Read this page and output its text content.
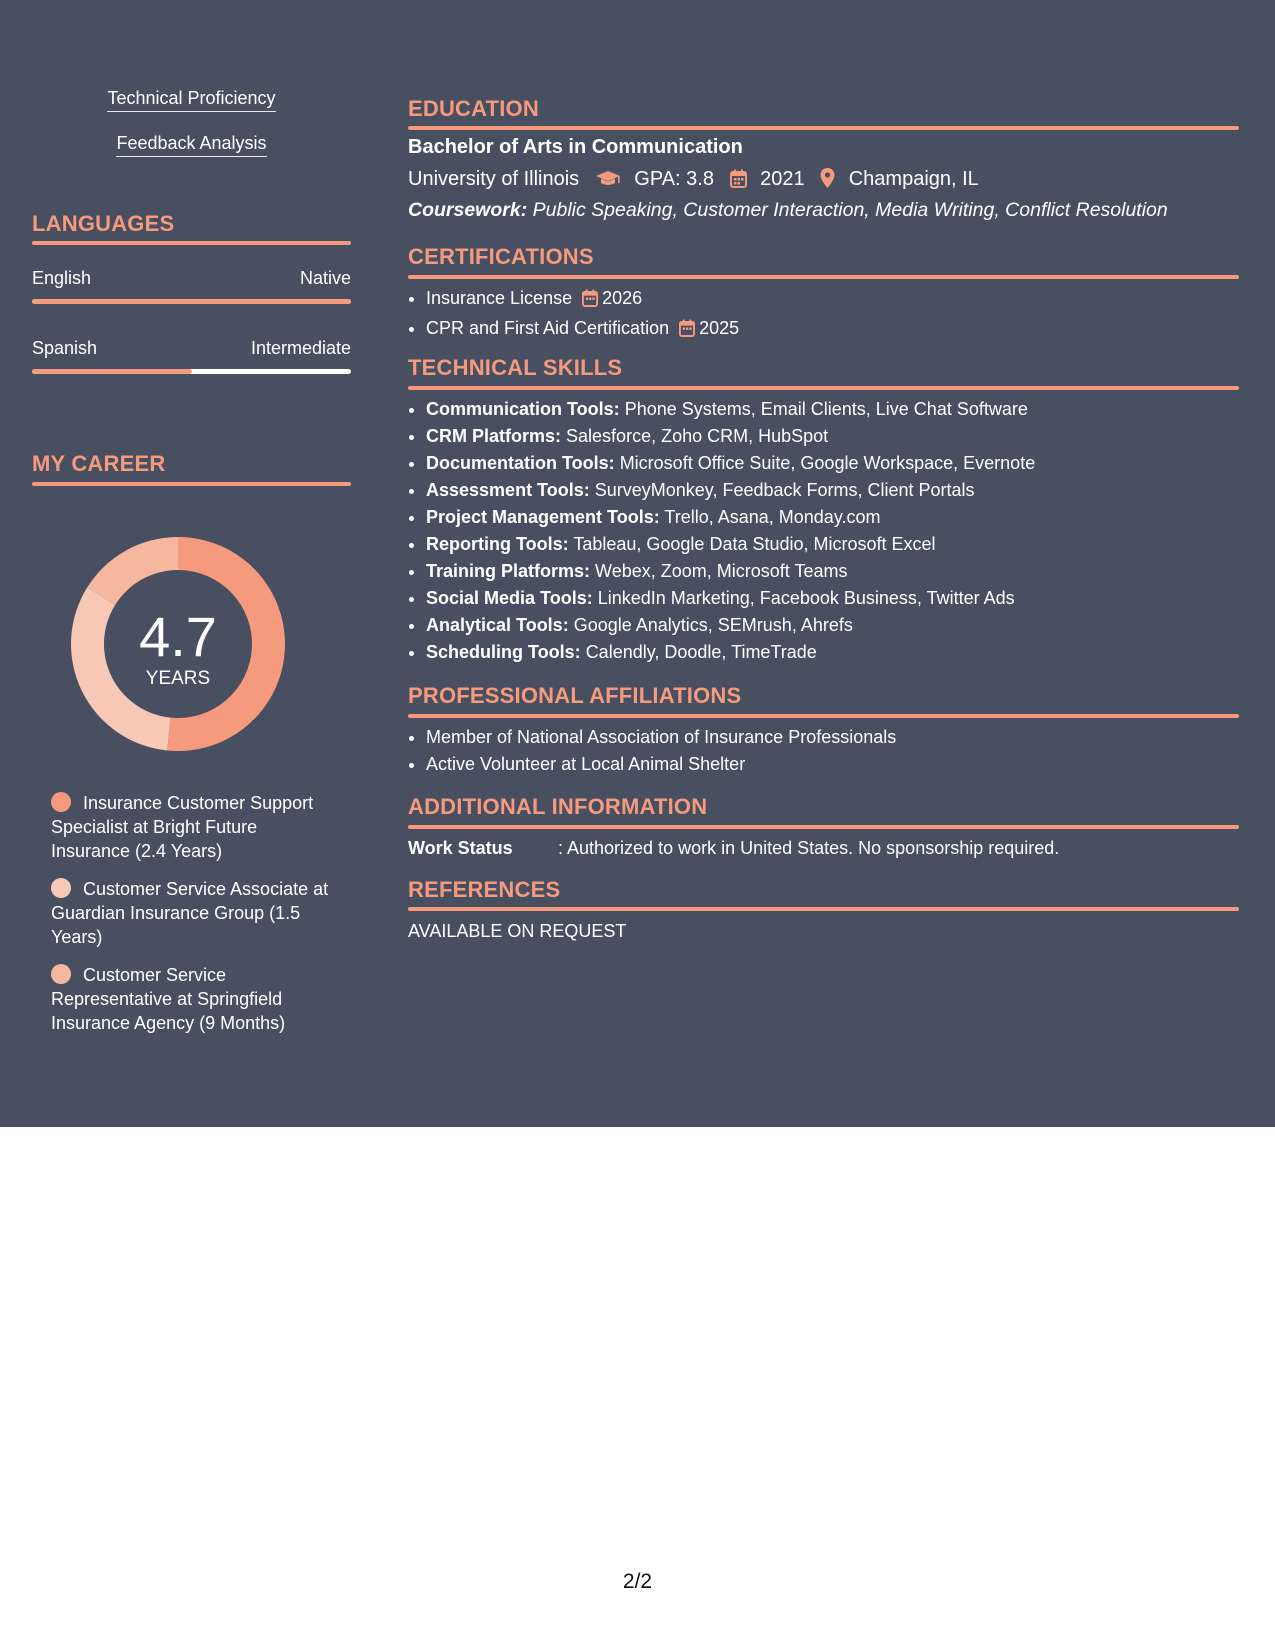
Technical Proficiency
Feedback Analysis
LANGUAGES
English	Native
Spanish	Intermediate
MY CAREER
4.7
YEARS
Insurance Customer Support Specialist at Bright Future Insurance (2.4 Years)
Customer Service Associate at Guardian Insurance Group (1.5 Years)
Customer Service Representative at Springfield Insurance Agency (9 Months)
EDUCATION
Bachelor of Arts in Communication
University of Illinois	GPA: 3.8 2021 Champaign, IL
Coursework: Public Speaking, Customer Interaction, Media Writing, Conflict Resolution
CERTIFICATIONS
• Insurance License 2026
• CPR and First Aid Certification 2025
TECHNICAL SKILLS
• Communication Tools: Phone Systems, Email Clients, Live Chat Software
• CRM Platforms: Salesforce, Zoho CRM, HubSpot
• Documentation Tools: Microsoft Office Suite, Google Workspace, Evernote
• Assessment Tools: SurveyMonkey, Feedback Forms, Client Portals
• Project Management Tools: Trello, Asana, Monday.com
• Reporting Tools: Tableau, Google Data Studio, Microsoft Excel
• Training Platforms: Webex, Zoom, Microsoft Teams
• Social Media Tools: LinkedIn Marketing, Facebook Business, Twitter Ads
• Analytical Tools: Google Analytics, SEMrush, Ahrefs
• Scheduling Tools: Calendly, Doodle, TimeTrade
PROFESSIONAL AFFILIATIONS
• Member of National Association of Insurance Professionals
• Active Volunteer at Local Animal Shelter
ADDITIONAL INFORMATION
Work Status	: Authorized to work in United States. No sponsorship required.
REFERENCES
AVAILABLE ON REQUEST
2/2
